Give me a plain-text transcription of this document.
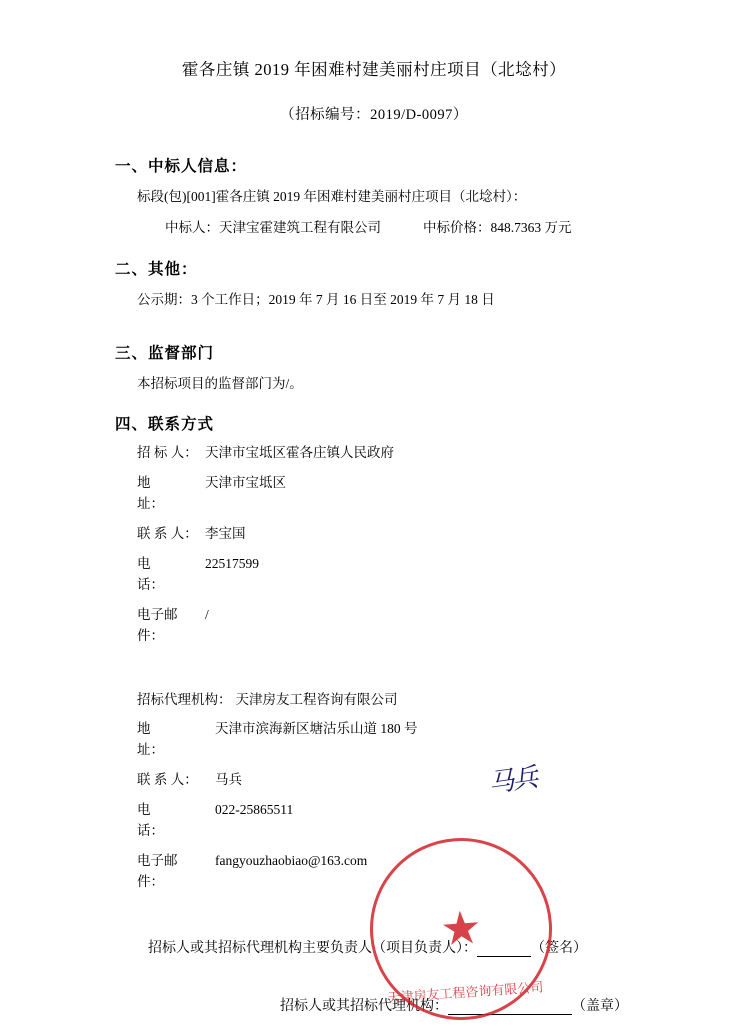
霍各庄镇 2019 年困难村建美丽村庄项目（北埝村）
（招标编号：2019/D-0097）
一、中标人信息：
标段(包)[001]霍各庄镇 2019 年困难村建美丽村庄项目（北埝村）：
中标人： 天津宝霍建筑工程有限公司	中标价格： 848.7363 万元
二、其他：
公示期：3 个工作日；2019 年 7 月 16 日至 2019 年 7 月 18 日
三、监督部门
本招标项目的监督部门为/。
四、联系方式
招 标 人： 天津市宝坻区霍各庄镇人民政府
地　　址：
天津市宝坻区
联 系 人： 李宝国
电　　话：
22517599
电子邮件：
/
招标代理机构： 天津房友工程咨询有限公司
地　　址：
天津市滨海新区塘沽乐山道 180 号
联 系 人： 马兵
电　　话：
022-25865511
电子邮件：
fangyouzhaobiao@163.com
招标人或其招标代理机构主要负责人（项目负责人）：	（签名）
招标人或其招标代理机构：	（盖章）
马兵
★
天津房友工程咨询有限公司
